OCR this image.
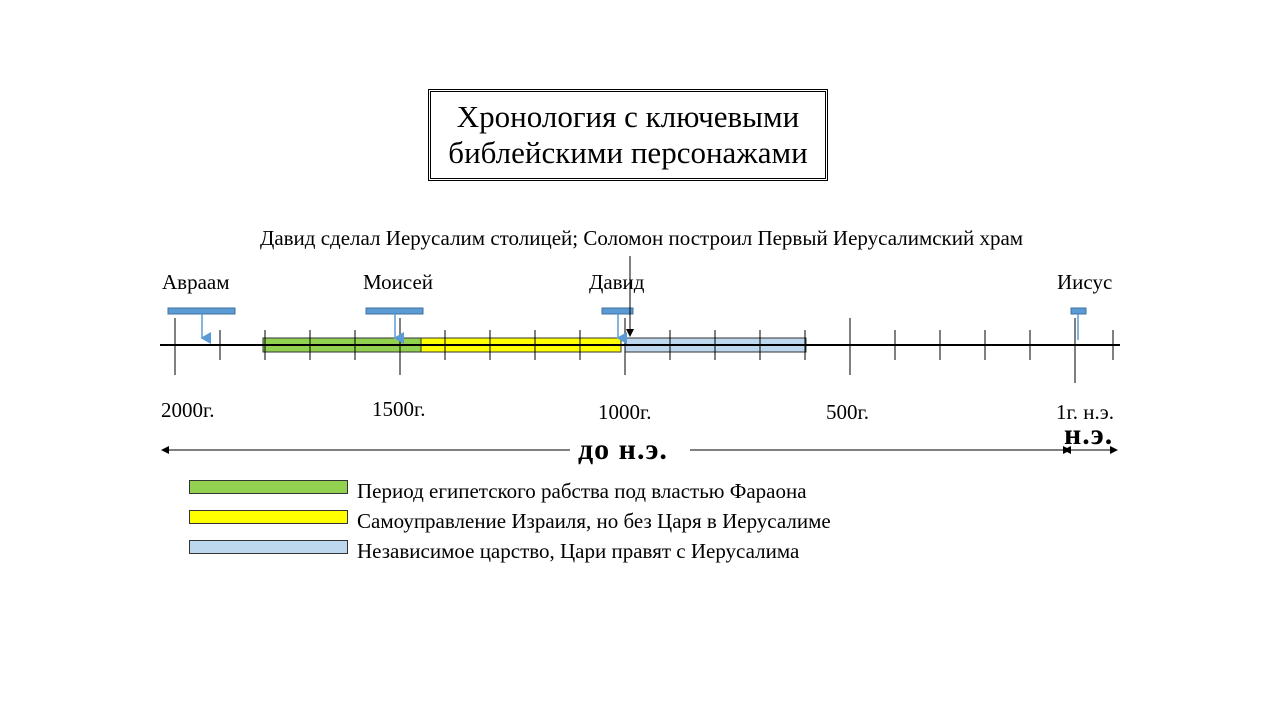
Хронология с ключевыми
библейскими персонажами
Давид сделал Иерусалим столицей; Соломон построил Первый Иерусалимский храм
Авраам	Моисей	Давид	Иисус
2000г.	1500г.	1000г.	500г.	1г. н.э.
до н.э.	н.э.
Период египетского рабства под властью Фараона
Самоуправление Израиля, но без Царя в Иерусалиме
Независимое царство, Цари правят с Иерусалима
